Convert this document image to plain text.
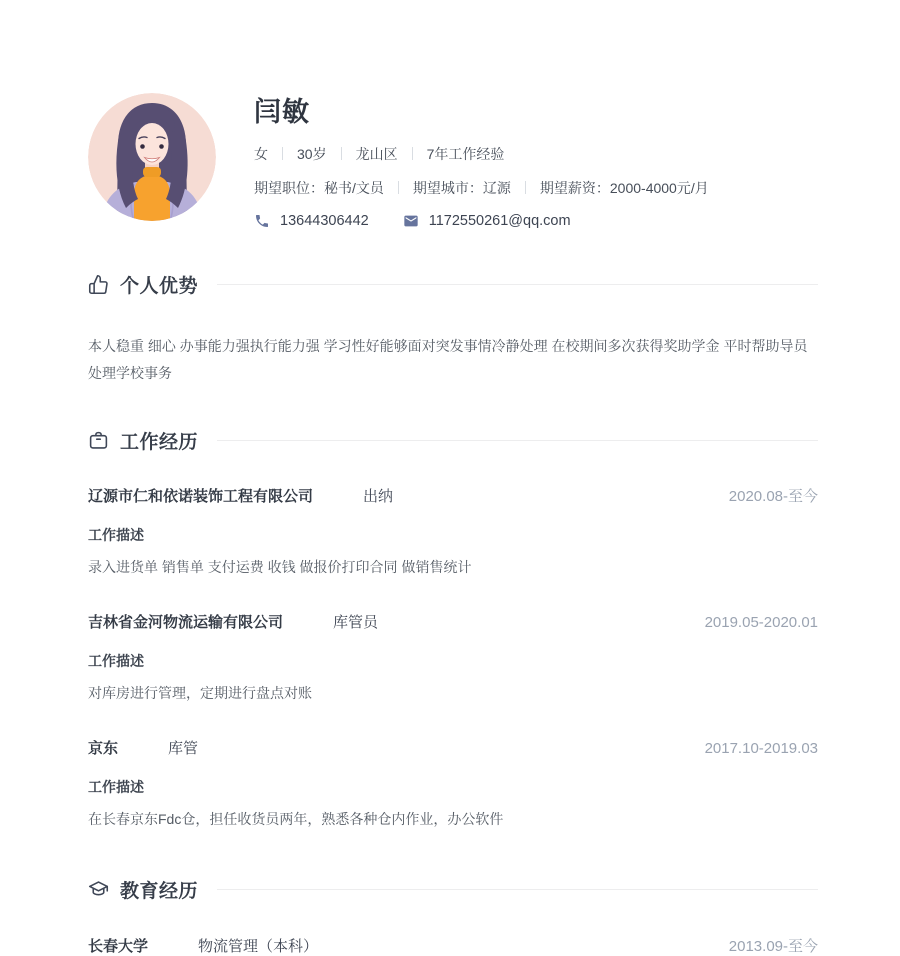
闫敏
女 30岁 龙山区 7年工作经验
期望职位：秘书/文员 期望城市：辽源 期望薪资：2000-4000元/月
13644306442	1172550261@qq.com
个人优势
本人稳重 细心 办事能力强执行能力强 学习性好能够面对突发事情冷静处理 在校期间多次获得奖助学金 平时帮助导员处理学校事务
工作经历
辽源市仁和依诺装饰工程有限公司	出纳	2020.08-至今
工作描述
录入进货单 销售单 支付运费 收钱 做报价打印合同 做销售统计
吉林省金河物流运输有限公司	库管员	2019.05-2020.01
工作描述
对库房进行管理，定期进行盘点对账
京东	库管	2017.10-2019.03
工作描述
在长春京东Fdc仓，担任收货员两年，熟悉各种仓内作业，办公软件
教育经历
长春大学	物流管理（本科）	2013.09-至今
